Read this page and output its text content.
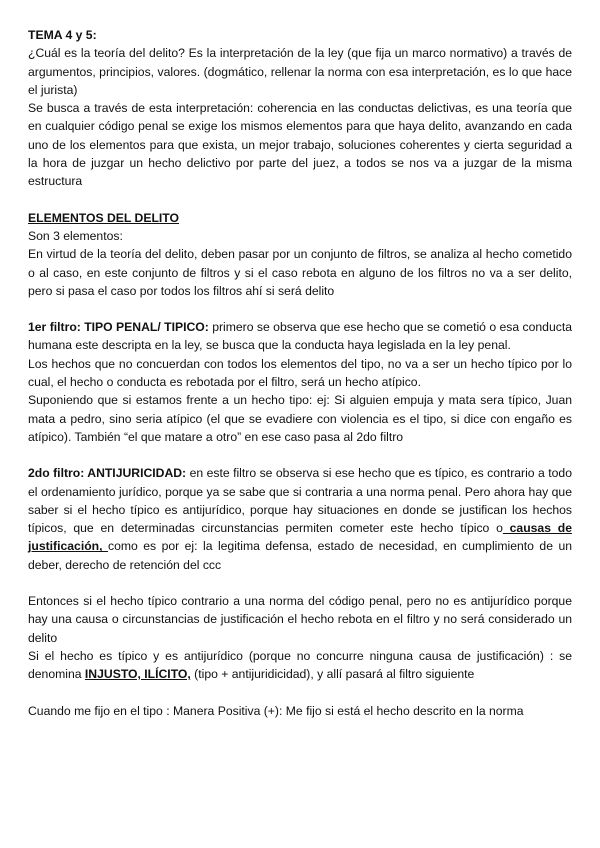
TEMA 4 y 5:

¿Cuál es la teoría del delito? Es la interpretación de la ley (que fija un marco normativo) a través de argumentos, principios, valores. (dogmático, rellenar la norma con esa interpretación, es lo que hace el jurista)

Se busca a través de esta interpretación: coherencia en las conductas delictivas, es una teoría que en cualquier código penal se exige los mismos elementos para que haya delito, avanzando en cada uno de los elementos para que exista, un mejor trabajo, soluciones coherentes y cierta seguridad a la hora de juzgar un hecho delictivo por parte del juez, a todos se nos va a juzgar de la misma estructura

ELEMENTOS DEL DELITO

Son 3 elementos:

En virtud de la teoría del delito, deben pasar por un conjunto de filtros, se analiza al hecho cometido o al caso, en este conjunto de filtros y si el caso rebota en alguno de los filtros no va a ser delito, pero si pasa el caso por todos los filtros ahí si será delito

1er filtro: TIPO PENAL/ TIPICO: primero se observa que ese hecho que se cometió o esa conducta humana este descripta en la ley, se busca que la conducta haya legislada en la ley penal.

Los hechos que no concuerdan con todos los elementos del tipo, no va a ser un hecho típico por lo cual, el hecho o conducta es rebotada por el filtro, será un hecho atípico.

Suponiendo que si estamos frente a un hecho tipo: ej: Si alguien empuja y mata sera típico, Juan mata a pedro, sino seria atípico (el que se evadiere con violencia es el tipo, si dice con engaño es atípico). También “el que matare a otro” en ese caso pasa al 2do filtro

2do filtro: ANTIJURICIDAD: en este filtro se observa si ese hecho que es típico, es contrario a todo el ordenamiento jurídico, porque ya se sabe que si contraria a una norma penal. Pero ahora hay que saber si el hecho típico es antijurídico, porque hay situaciones en donde se justifican los hechos típicos, que en determinadas circunstancias permiten cometer este hecho típico o causas de justificación, como es por ej: la legitima defensa, estado de necesidad, en cumplimiento de un deber, derecho de retención del ccc

Entonces si el hecho típico contrario a una norma del código penal, pero no es antijurídico porque hay una causa o circunstancias de justificación el hecho rebota en el filtro y no será considerado un delito

Si el hecho es típico y es antijurídico (porque no concurre ninguna causa de justificación) : se denomina INJUSTO, ILÍCITO, (tipo + antijuridicidad), y allí pasará al filtro siguiente

Cuando me fijo en el tipo : Manera Positiva (+): Me fijo si está el hecho descrito en la norma
